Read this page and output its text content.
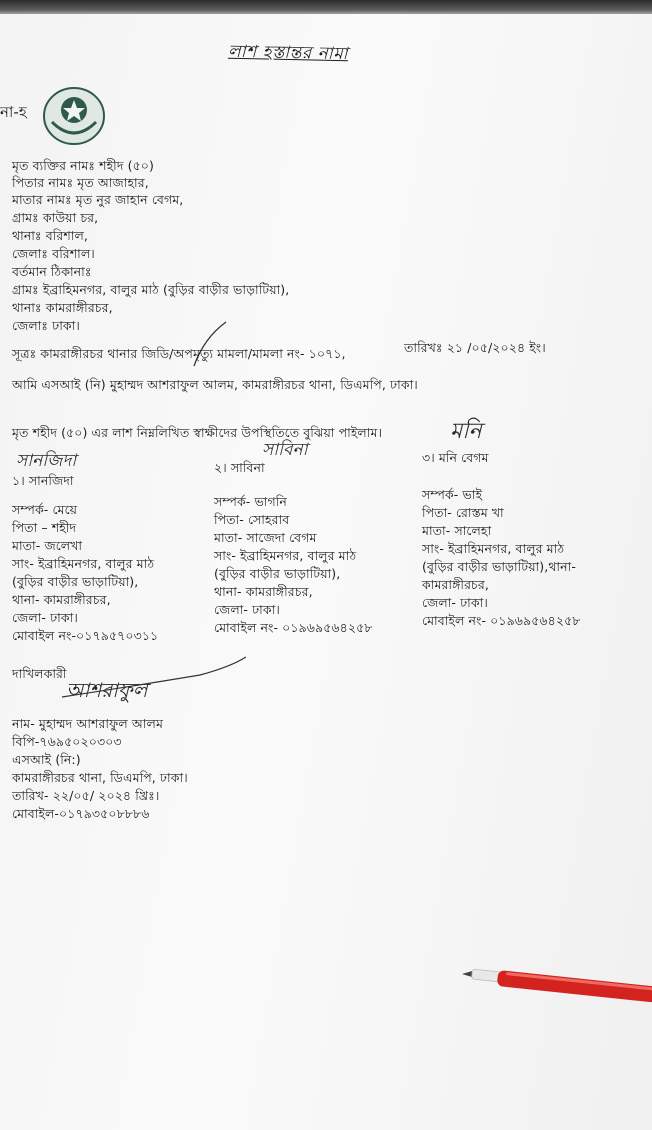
লাশ হস্তান্তর নামা
না-হ
মৃত ব্যক্তির নামঃ শহীদ (৫০)
পিতার নামঃ মৃত আজাহার,
মাতার নামঃ মৃত নুর জাহান বেগম,
গ্রামঃ কাউয়া চর,
থানাঃ বরিশাল,
জেলাঃ বরিশাল।
বর্তমান ঠিকানাঃ
গ্রামঃ ইব্রাহিমনগর, বালুর মাঠ (বুড়ির বাড়ীর ভাড়াটিয়া),
থানাঃ কামরাঙ্গীরচর,
জেলাঃ ঢাকা।
সূত্রঃ কামরাঙ্গীরচর থানার জিডি/অপমৃত্যু মামলা/মামলা নং- ১০৭১,	তারিখঃ ২১ /০৫/২০২৪ ইং।
আমি এসআই (নি) মুহাম্মদ আশরাফুল আলম, কামরাঙ্গীরচর থানা, ডিএমপি, ঢাকা।
মৃত শহীদ (৫০) এর লাশ নিম্নলিখিত স্বাক্ষীদের উপস্থিতিতে বুঝিয়া পাইলাম।
সানজিদা
১। সানজিদা
সম্পর্ক- মেয়ে
পিতা – শহীদ
মাতা- জলেখা
সাং- ইব্রাহিমনগর, বালুর মাঠ
(বুড়ির বাড়ীর ভাড়াটিয়া),
থানা- কামরাঙ্গীরচর,
জেলা- ঢাকা।
মোবাইল নং-০১৭৯৫৭০৩১১
সাবিনা
২। সাবিনা
সম্পর্ক- ভাগনি
পিতা- সোহরাব
মাতা- সাজেদা বেগম
সাং- ইব্রাহিমনগর, বালুর মাঠ
(বুড়ির বাড়ীর ভাড়াটিয়া),
থানা- কামরাঙ্গীরচর,
জেলা- ঢাকা।
মোবাইল নং- ০১৯৬৯৫৬৪২৫৮
মনি
৩। মনি বেগম
সম্পর্ক- ভাই
পিতা- রোস্তম খা
মাতা- সালেহা
সাং- ইব্রাহিমনগর, বালুর মাঠ
(বুড়ির বাড়ীর ভাড়াটিয়া),থানা-
কামরাঙ্গীরচর,
জেলা- ঢাকা।
মোবাইল নং- ০১৯৬৯৫৬৪২৫৮
দাখিলকারী
আশরাফুল
নাম- মুহাম্মদ আশরাফুল আলম
বিপি-৭৬৯৫০২০৩০৩
এসআই (নি:)
কামরাঙ্গীরচর থানা, ডিএমপি, ঢাকা।
তারিখ- ২২/০৫/ ২০২৪ খ্রিঃ।
মোবাইল-০১৭৯৩৫০৮৮৮৬
